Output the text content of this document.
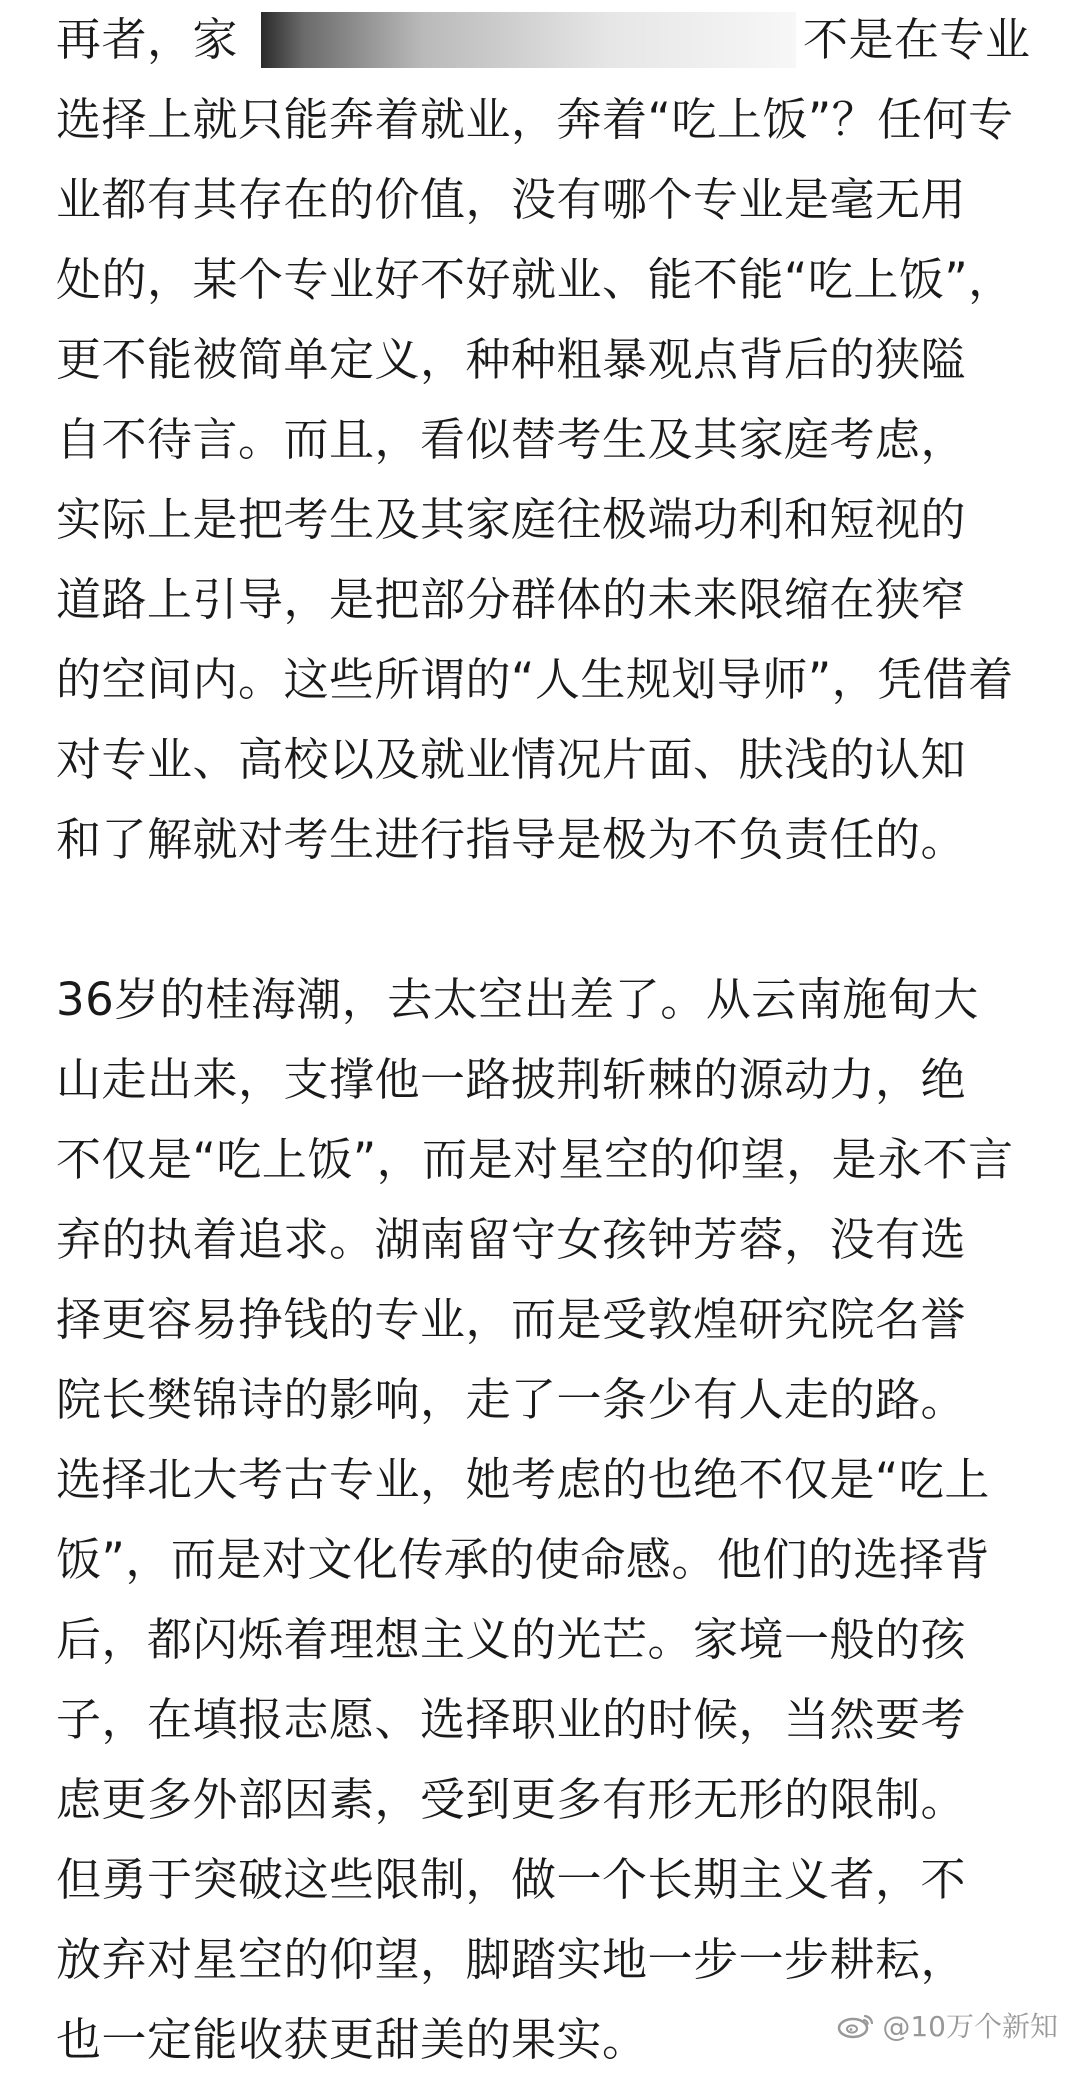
再者，家	不是在专业
选择上就只能奔着就业，奔着“吃上饭”？任何专
业都有其存在的价值，没有哪个专业是毫无用
处的，某个专业好不好就业、能不能“吃上饭”，
更不能被简单定义，种种粗暴观点背后的狭隘
自不待言。而且，看似替考生及其家庭考虑，
实际上是把考生及其家庭往极端功利和短视的
道路上引导，是把部分群体的未来限缩在狭窄
的空间内。这些所谓的“人生规划导师”，凭借着
对专业、高校以及就业情况片面、肤浅的认知
和了解就对考生进行指导是极为不负责任的。
36岁的桂海潮，去太空出差了。从云南施甸大
山走出来，支撑他一路披荆斩棘的源动力，绝
不仅是“吃上饭”，而是对星空的仰望，是永不言
弃的执着追求。湖南留守女孩钟芳蓉，没有选
择更容易挣钱的专业，而是受敦煌研究院名誉
院长樊锦诗的影响，走了一条少有人走的路。
选择北大考古专业，她考虑的也绝不仅是“吃上
饭”，而是对文化传承的使命感。他们的选择背
后，都闪烁着理想主义的光芒。家境一般的孩
子，在填报志愿、选择职业的时候，当然要考
虑更多外部因素，受到更多有形无形的限制。
但勇于突破这些限制，做一个长期主义者，不
放弃对星空的仰望，脚踏实地一步一步耕耘，
也一定能收获更甜美的果实。	@10万个新知
